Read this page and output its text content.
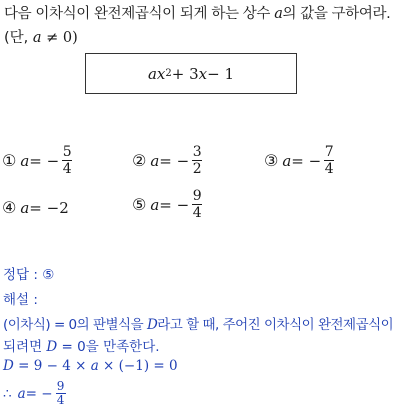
다음 이차식이 완전제곱식이 되게 하는 상수 a의 값을 구하여라.
(단, a ≠ 0)
a x 2 + 3 x − 1
① a = − $\frac{5}{4}$	② a = − $\frac{3}{2}$	③ a = − $\frac{7}{4}$
④ a = −2	⑤ a = − $\frac{9}{4}$
정답 : ⑤
해설 :
(이차식) = 0의 판별식을 D라고 할 때, 주어진 이차식이 완전제곱식이
되려면 D = 0을 만족한다.
D = 9 − 4 × a × (−1) = 0
∴ a = − $\frac{9}{4}$
